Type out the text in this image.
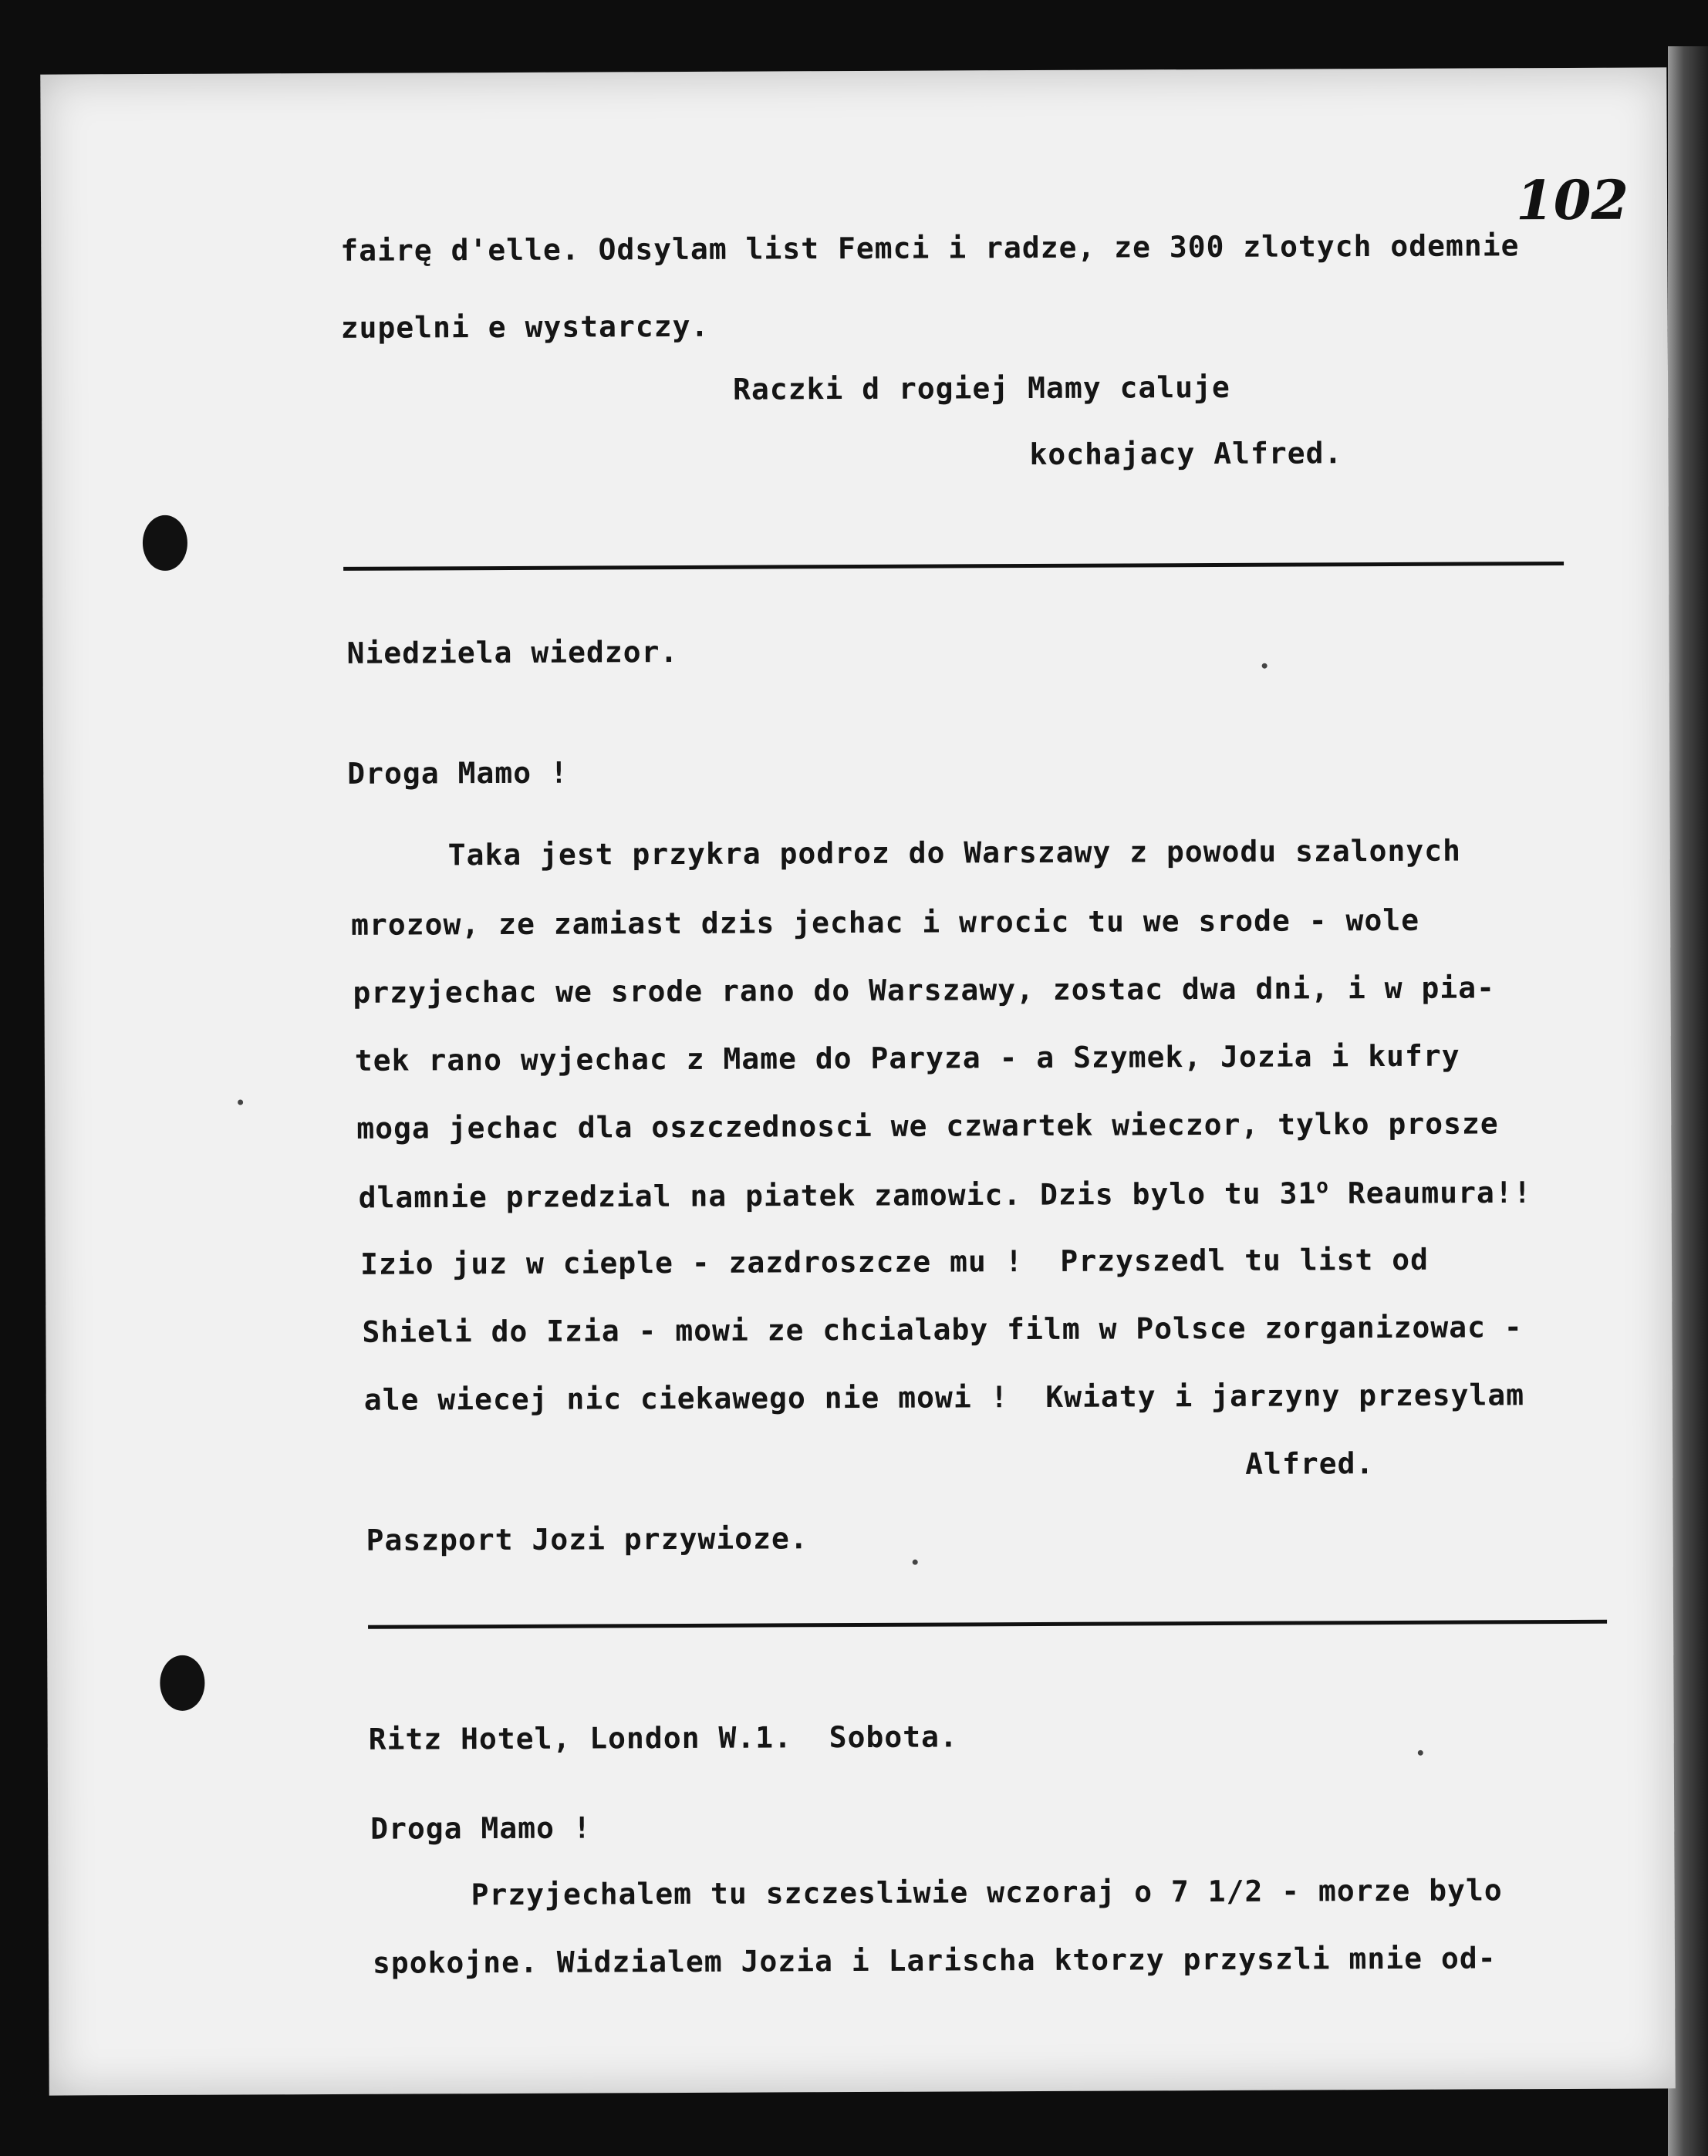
102
fairę d'elle. Odsylam list Femci i radze, ze 300 zlotych odemnie
zupelni e wystarczy.
Raczki d rogiej Mamy caluje
kochajacy Alfred.
Niedziela wiedzor.
Droga Mamo !
Taka jest przykra podroz do Warszawy z powodu szalonych
mrozow, ze zamiast dzis jechac i wrocic tu we srode - wole
przyjechac we srode rano do Warszawy, zostac dwa dni, i w pia-
tek rano wyjechac z Mame do Paryza - a Szymek, Jozia i kufry
moga jechac dla oszczednosci we czwartek wieczor, tylko prosze
dlamnie przedzial na piatek zamowic. Dzis bylo tu 31$^o$ Reaumura!!
Izio juz w cieple - zazdroszcze mu !  Przyszedl tu list od
Shieli do Izia - mowi ze chcialaby film w Polsce zorganizowac -
ale wiecej nic ciekawego nie mowi !  Kwiaty i jarzyny przesylam
Alfred.
Paszport Jozi przywioze.
Ritz Hotel, London W.1.  Sobota.
Droga Mamo !
Przyjechalem tu szczesliwie wczoraj o 7 1/2 - morze bylo
spokojne. Widzialem Jozia i Larischa ktorzy przyszli mnie od-
